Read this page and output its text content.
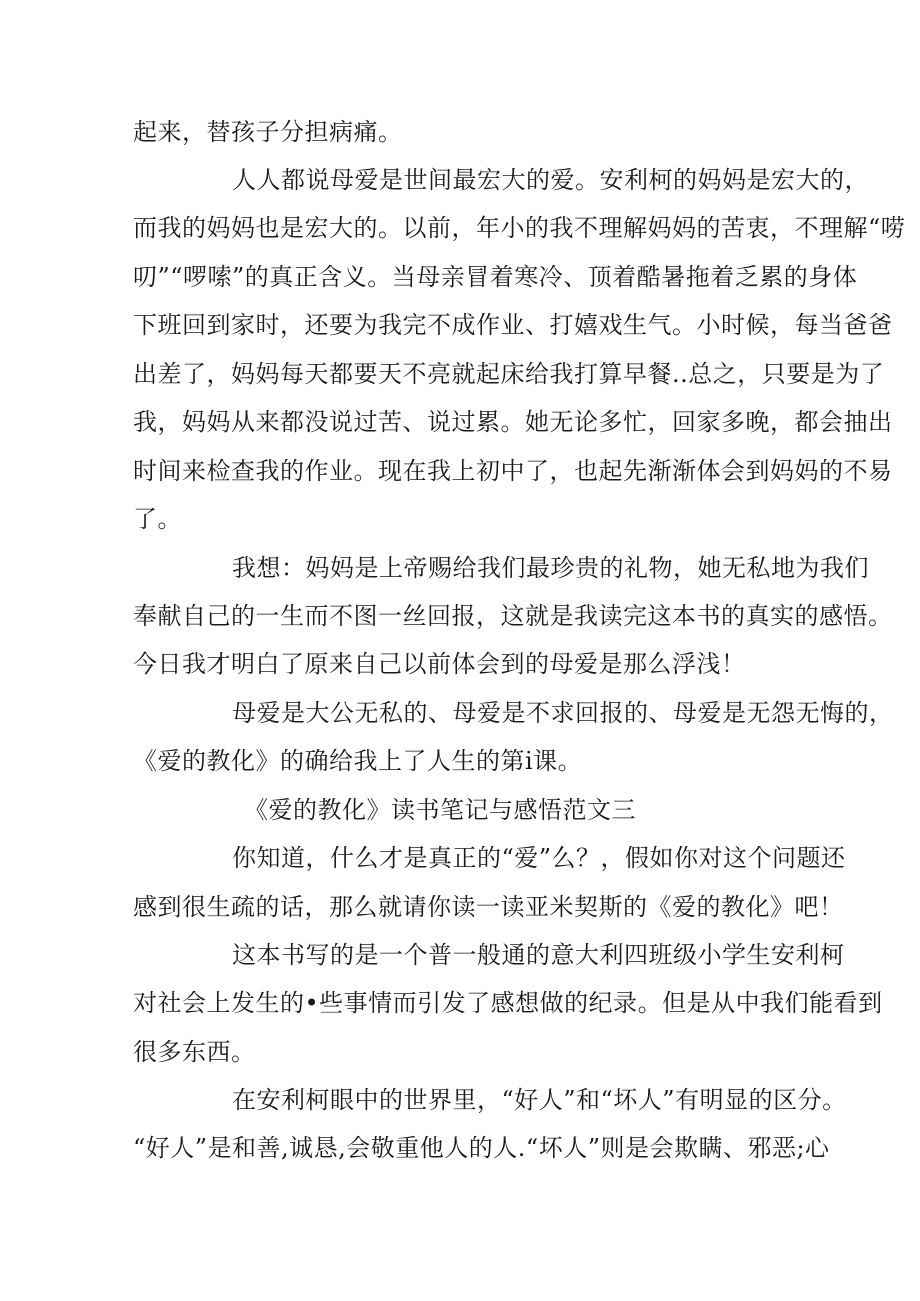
起来，替孩子分担病痛。
人人都说母爱是世间最宏大的爱。安利柯的妈妈是宏大的，
而我的妈妈也是宏大的。以前，年小的我不理解妈妈的苦衷，不理解“唠
叨”“啰嗦”的真正含义。当母亲冒着寒冷、顶着酷暑拖着乏累的身体
下班回到家时，还要为我完不成作业、打嬉戏生气。小时候，每当爸爸
出差了，妈妈每天都要天不亮就起床给我打算早餐..总之，只要是为了
我，妈妈从来都没说过苦、说过累。她无论多忙，回家多晚，都会抽出
时间来检查我的作业。现在我上初中了，也起先渐渐体会到妈妈的不易
了。
我想：妈妈是上帝赐给我们最珍贵的礼物，她无私地为我们
奉献自己的一生而不图一丝回报，这就是我读完这本书的真实的感悟。
今日我才明白了原来自己以前体会到的母爱是那么浮浅！
母爱是大公无私的、母爱是不求回报的、母爱是无怨无悔的，
《爱的教化》的确给我上了人生的第i课。
《爱的教化》读书笔记与感悟范文三
你知道，什么才是真正的“爱”么？，假如你对这个问题还
感到很生疏的话，那么就请你读一读亚米契斯的《爱的教化》吧！
这本书写的是一个普一般通的意大利四班级小学生安利柯
对社会上发生的•些事情而引发了感想做的纪录。但是从中我们能看到
很多东西。
在安利柯眼中的世界里，“好人”和“坏人”有明显的区分。
“好人”是和善,诚恳,会敬重他人的人.“坏人”则是会欺瞒、邪恶;心
